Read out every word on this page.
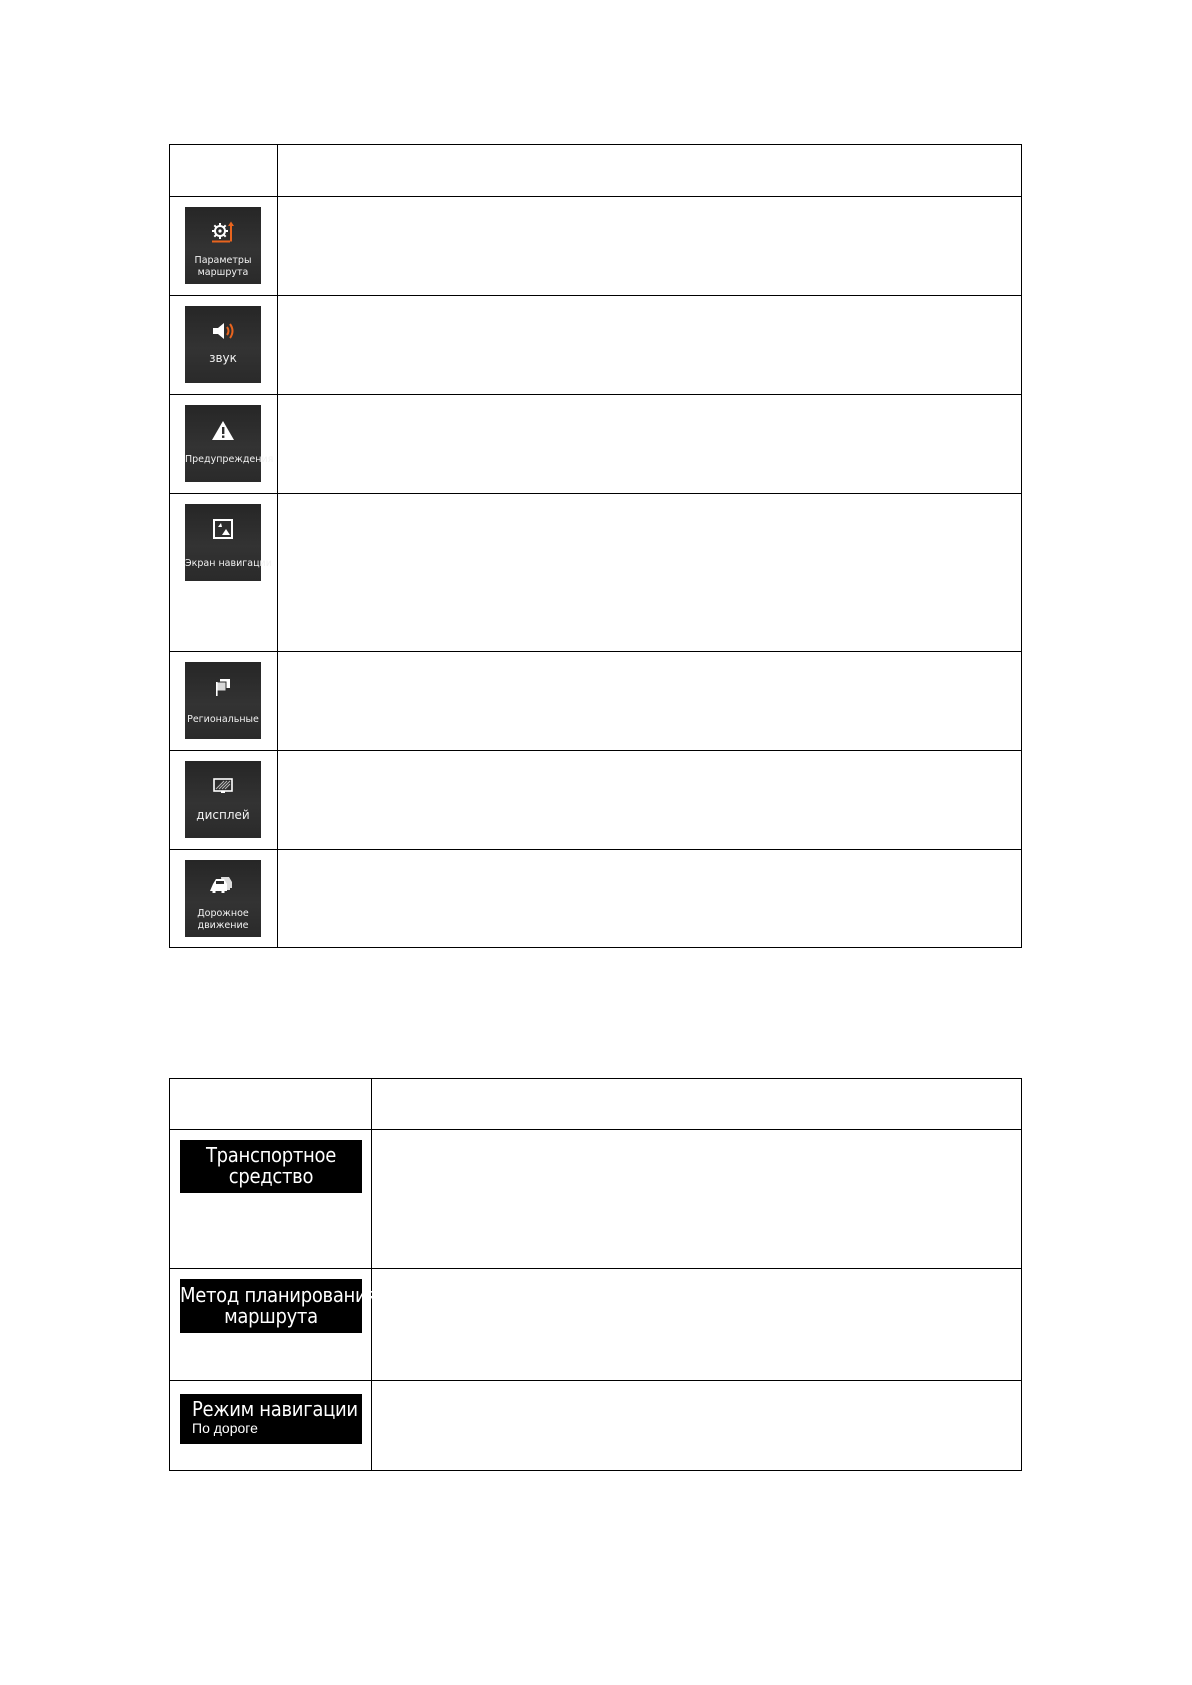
Параметры маршрута
звук
Предупреждения
Экран навигации
Региональные
дисплей
Дорожное движение
Транспортное
средство
Метод планирования
маршрута
Режим навигации
По дороге
